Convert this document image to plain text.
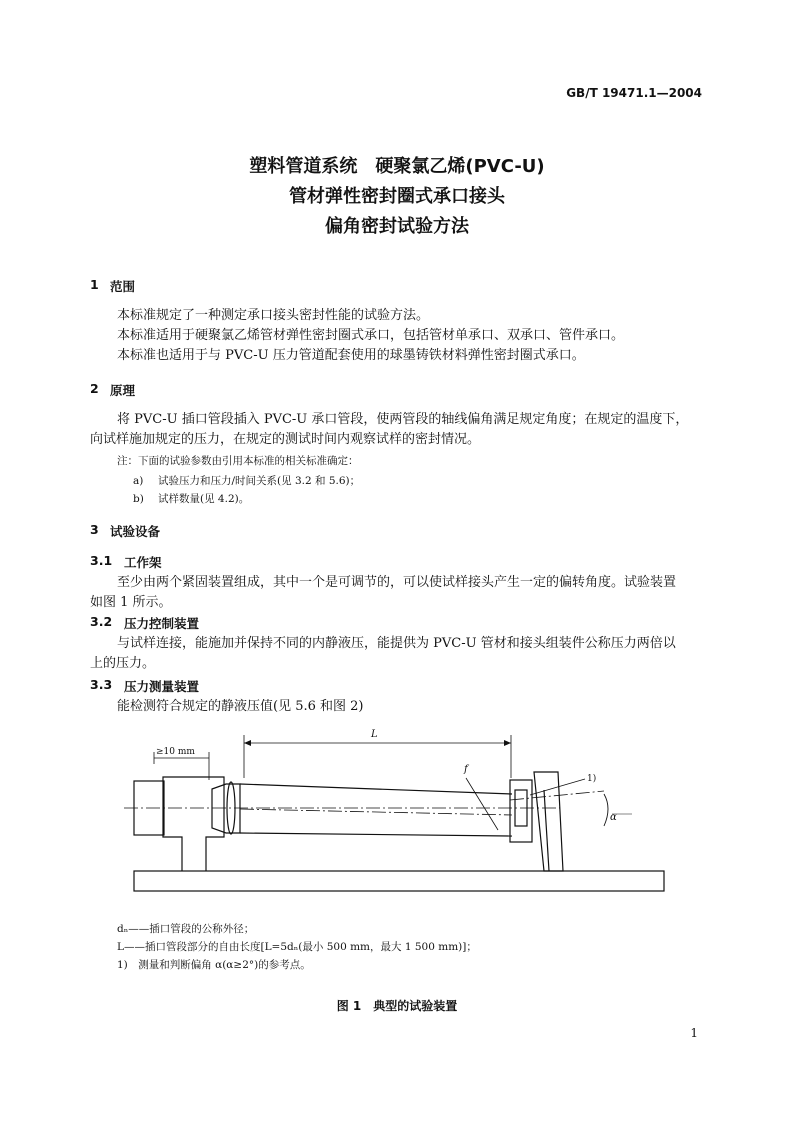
GB/T 19471.1—2004
塑料管道系统　硬聚氯乙烯(PVC-U)
管材弹性密封圈式承口接头
偏角密封试验方法
1 范围
本标准规定了一种测定承口接头密封性能的试验方法。
本标准适用于硬聚氯乙烯管材弹性密封圈式承口，包括管材单承口、双承口、管件承口。
本标准也适用于与 PVC-U 压力管道配套使用的球墨铸铁材料弹性密封圈式承口。
2 原理
将 PVC-U 插口管段插入 PVC-U 承口管段，使两管段的轴线偏角满足规定角度；在规定的温度下，
向试样施加规定的压力，在规定的测试时间内观察试样的密封情况。
注：下面的试验参数由引用本标准的相关标准确定：
a) 试验压力和压力/时间关系(见 3.2 和 5.6)；
b) 试样数量(见 4.2)。
3 试验设备
3.1 工作架
至少由两个紧固装置组成，其中一个是可调节的，可以使试样接头产生一定的偏转角度。试验装置
如图 1 所示。
3.2 压力控制装置
与试样连接，能施加并保持不同的内静液压，能提供为 PVC-U 管材和接头组装件公称压力两倍以
上的压力。
3.3 压力测量装置
能检测符合规定的静液压值(见 5.6 和图 2)
≥10 mm
L
f
1)
α
dₙ——插口管段的公称外径；
L——插口管段部分的自由长度[L=5dₙ(最小 500 mm，最大 1 500 mm)]；
1)　测量和判断偏角 α(α≥2°)的参考点。
图 1　典型的试验装置
1
